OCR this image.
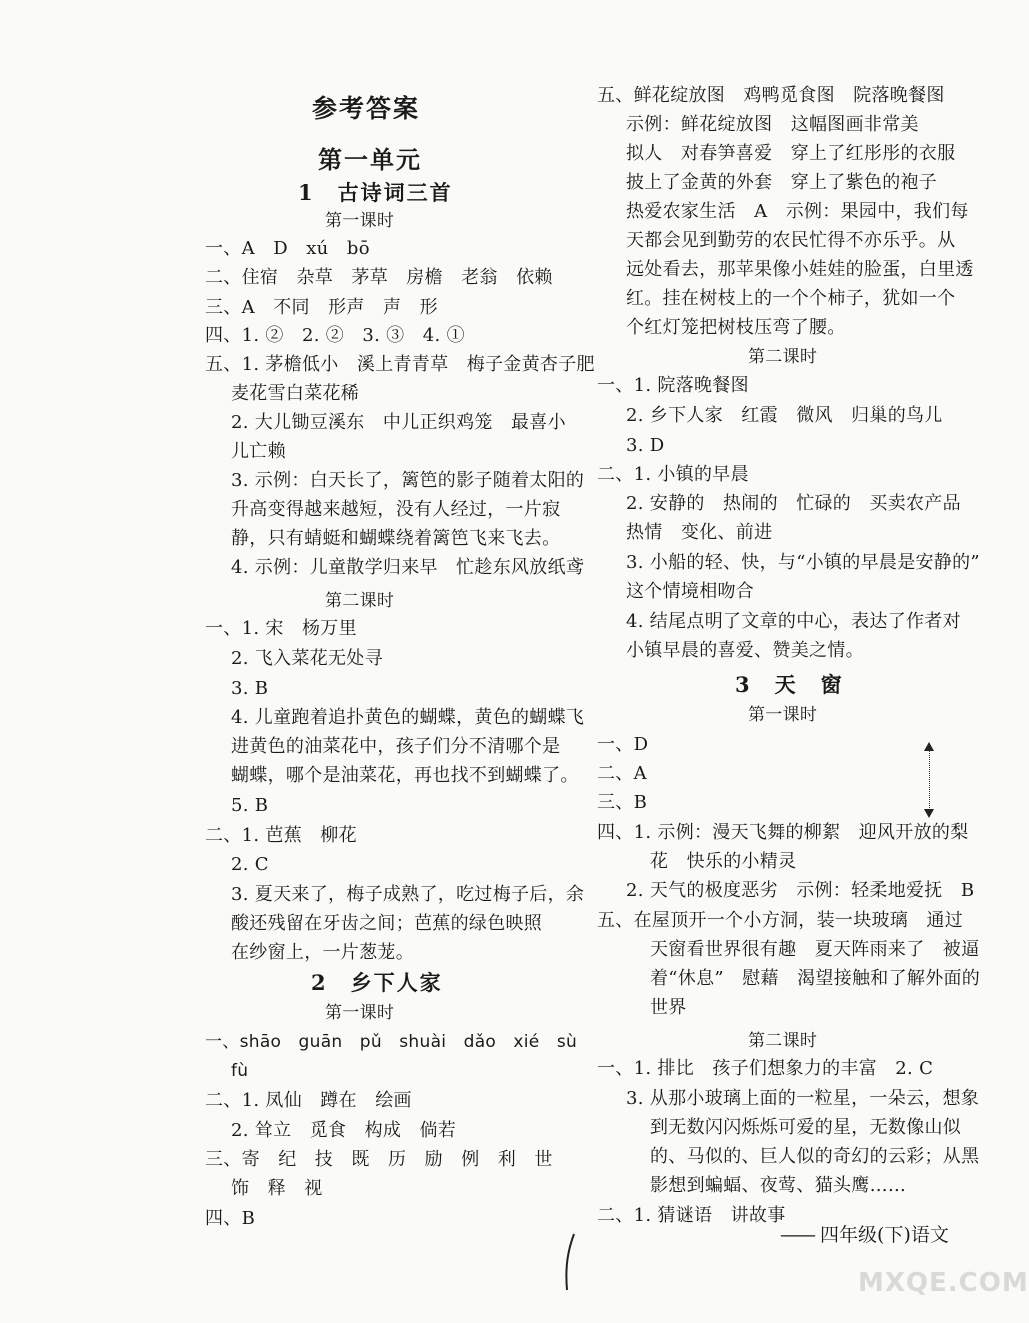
参考答案
第一单元
1　古诗词三首
第一课时
一、A　D　xú　bō
二、住宿　杂草　茅草　房檐　老翁　依赖
三、A　不同　形声　声　形
四、1. ②　2. ②　3. ③　4. ①
五、1. 茅檐低小　溪上青青草　梅子金黄杏子肥
麦花雪白菜花稀
2. 大儿锄豆溪东　中儿正织鸡笼　最喜小
儿亡赖
3. 示例：白天长了，篱笆的影子随着太阳的
升高变得越来越短，没有人经过，一片寂
静，只有蜻蜓和蝴蝶绕着篱笆飞来飞去。
4. 示例：儿童散学归来早　忙趁东风放纸鸢
第二课时
一、1. 宋　杨万里
2. 飞入菜花无处寻
3. B
4. 儿童跑着追扑黄色的蝴蝶，黄色的蝴蝶飞
进黄色的油菜花中，孩子们分不清哪个是
蝴蝶，哪个是油菜花，再也找不到蝴蝶了。
5. B
二、1. 芭蕉　柳花
2. C
3. 夏天来了，梅子成熟了，吃过梅子后，余
酸还残留在牙齿之间；芭蕉的绿色映照
在纱窗上，一片葱茏。
2　乡下人家
第一课时
一、shāo　guān　pǔ　shuài　dǎo　xié　sù
fù
二、1. 凤仙　蹲在　绘画
2. 耸立　觅食　构成　倘若
三、寄　纪　技　既　历　励　例　利　世
饰　释　视
四、B
五、鲜花绽放图　鸡鸭觅食图　院落晚餐图
示例：鲜花绽放图　这幅图画非常美
拟人　对春笋喜爱　穿上了红彤彤的衣服
披上了金黄的外套　穿上了紫色的袍子
热爱农家生活　A　示例：果园中，我们每
天都会见到勤劳的农民忙得不亦乐乎。从
远处看去，那苹果像小娃娃的脸蛋，白里透
红。挂在树枝上的一个个柿子，犹如一个
个红灯笼把树枝压弯了腰。
第二课时
一、1. 院落晚餐图
2. 乡下人家　红霞　微风　归巢的鸟儿
3. D
二、1. 小镇的早晨
2. 安静的　热闹的　忙碌的　买卖农产品
热情　变化、前进
3. 小船的轻、快，与“小镇的早晨是安静的”
这个情境相吻合
4. 结尾点明了文章的中心，表达了作者对
小镇早晨的喜爱、赞美之情。
3　天　窗
第一课时
一、D
二、A
三、B
四、1. 示例：漫天飞舞的柳絮　迎风开放的梨
花　快乐的小精灵
2. 天气的极度恶劣　示例：轻柔地爱抚　B
五、在屋顶开一个小方洞，装一块玻璃　通过
天窗看世界很有趣　夏天阵雨来了　被逼
着“休息”　慰藉　渴望接触和了解外面的
世界
第二课时
一、1. 排比　孩子们想象力的丰富　2. C
3. 从那小玻璃上面的一粒星，一朵云，想象
到无数闪闪烁烁可爱的星，无数像山似
的、马似的、巨人似的奇幻的云彩；从黑
影想到蝙蝠、夜莺、猫头鹰……
二、1. 猜谜语　讲故事
—— 四年级(下)语文
MXQE.COM
